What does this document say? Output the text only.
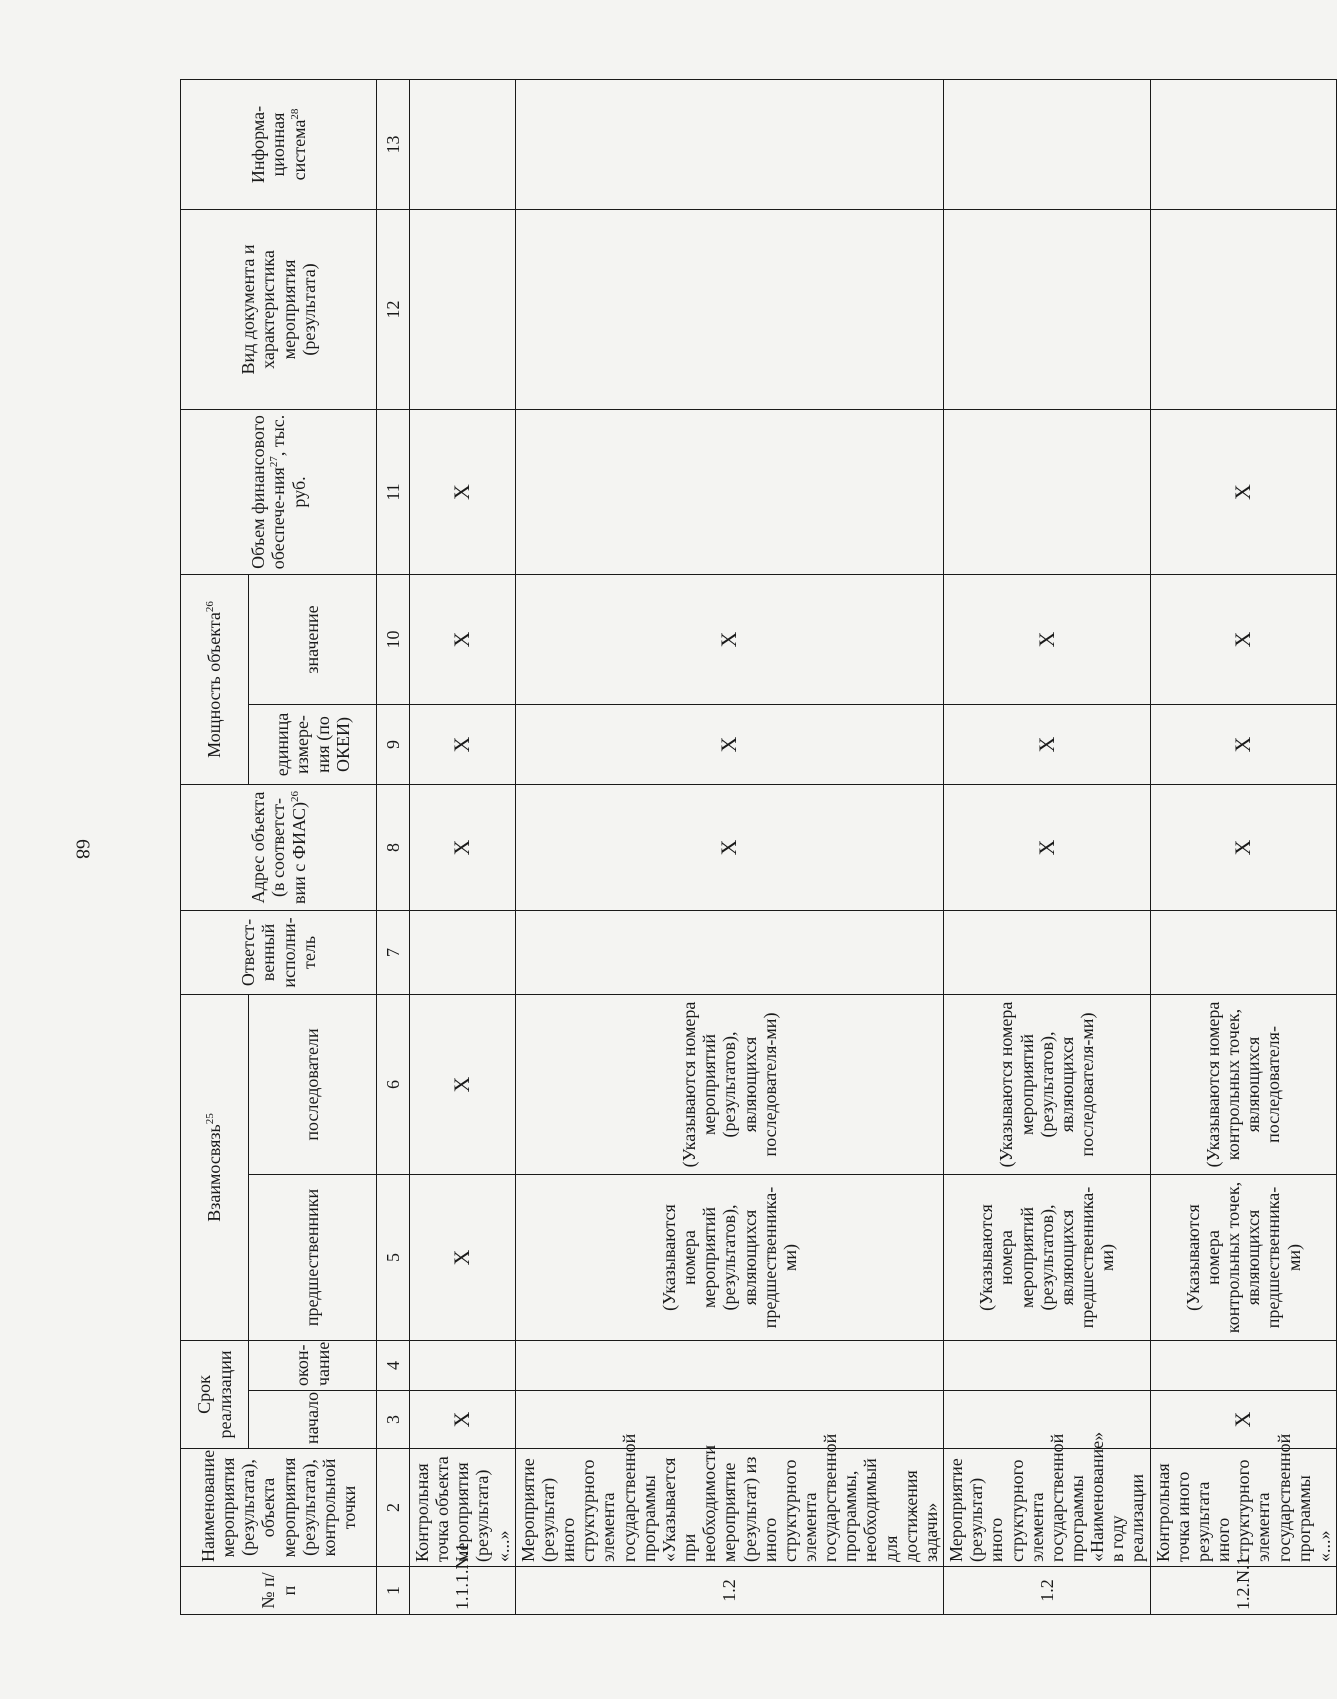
68
№ п/п	Наименование мероприятия (результата), объекта мероприятия (результата), контрольной точки	Срок реализации		Взаимосвязь$^{25}$		Ответст-венный исполни-тель	Адрес объекта (в соответст-вии с ФИАС)$^{26}$	Мощность объекта$^{26}$		Объем финансового обеспече-ния$^{27}$, тыс. руб.	Вид документа и характеристика мероприятия (результата)	Информа-ционная система$^{28}$
		начало	окон-чание	предшественники	последователи			единица измере-ния (по ОКЕИ)	значение			
1	2	3	4	5	6	7	8	9	10	11	12	13
1.1.1.N.1	Контрольная точка объекта мероприятия (результата) «...»	X		X	X		X	X	X	X		
1.2	Мероприятие (результат) иного структурного элемента государственной программы «Указывается при необходимости мероприятие (результат) из иного структурного элемента государственной программы, необходимый для достижения задачи»			(Указываются номера мероприятий (результатов), являющихся предшественника-ми)	(Указываются номера мероприятий (результатов), являющихся последователя-ми)		X	X	X			
1.2	Мероприятие (результат) иного структурного элемента государственной программы «Наименование» в году реализации			(Указываются номера мероприятий (результатов), являющихся предшественника-ми)	(Указываются номера мероприятий (результатов), являющихся последователя-ми)		X	X	X			
1.2.N.1	Контрольная точка иного результата иного структурного элемента государственной программы «...»	X		(Указываются номера контрольных точек, являющихся предшественника-ми)	(Указываются номера контрольных точек, являющихся последователя-		X	X	X	X		
